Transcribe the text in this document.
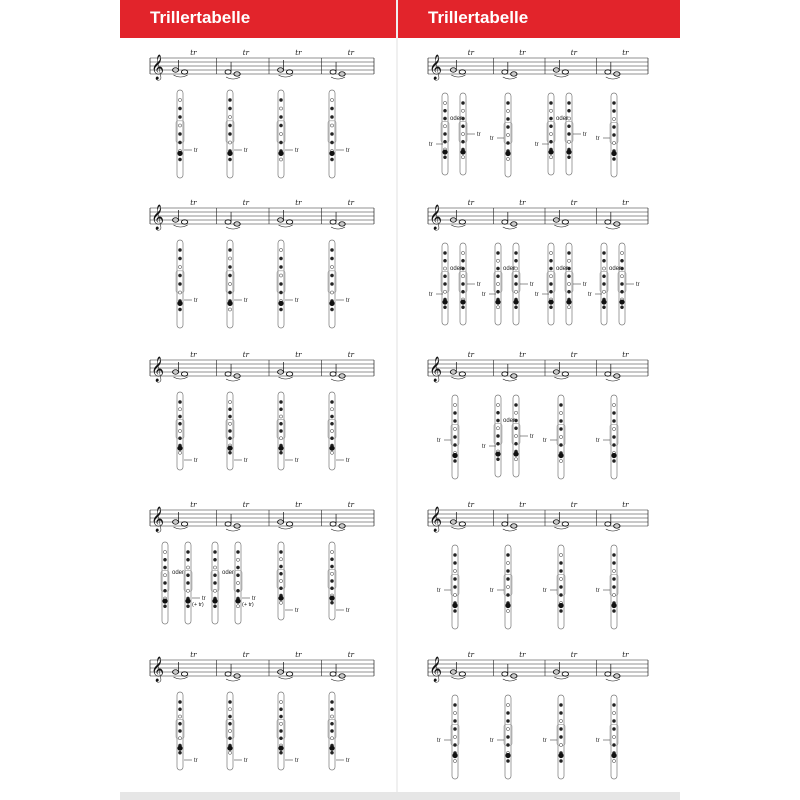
Trillertabelle
𝄞
tr	tr	tr	tr
tr	tr	tr	tr
𝄞
tr	tr	tr	tr
tr	tr	tr	tr
𝄞
tr	tr	tr	tr
tr	tr	tr	tr
𝄞
tr	tr	tr	tr
oder
tr
(+ tr)
oder
tr
(+ tr)
tr	tr
𝄞
tr	tr	tr	tr
tr	tr	tr	tr
Trillertabelle
𝄞
tr	tr	tr	tr
oder
tr
tr
tr
oder
tr
tr
tr
𝄞
tr	tr	tr	tr
oder
tr
tr
oder
tr
tr
oder
tr
tr
oder
tr
tr
𝄞
tr	tr	tr	tr
tr
oder
tr
tr
tr	tr
𝄞
tr	tr	tr	tr
tr	tr	tr	tr
𝄞
tr	tr	tr	tr
tr	tr	tr	tr
